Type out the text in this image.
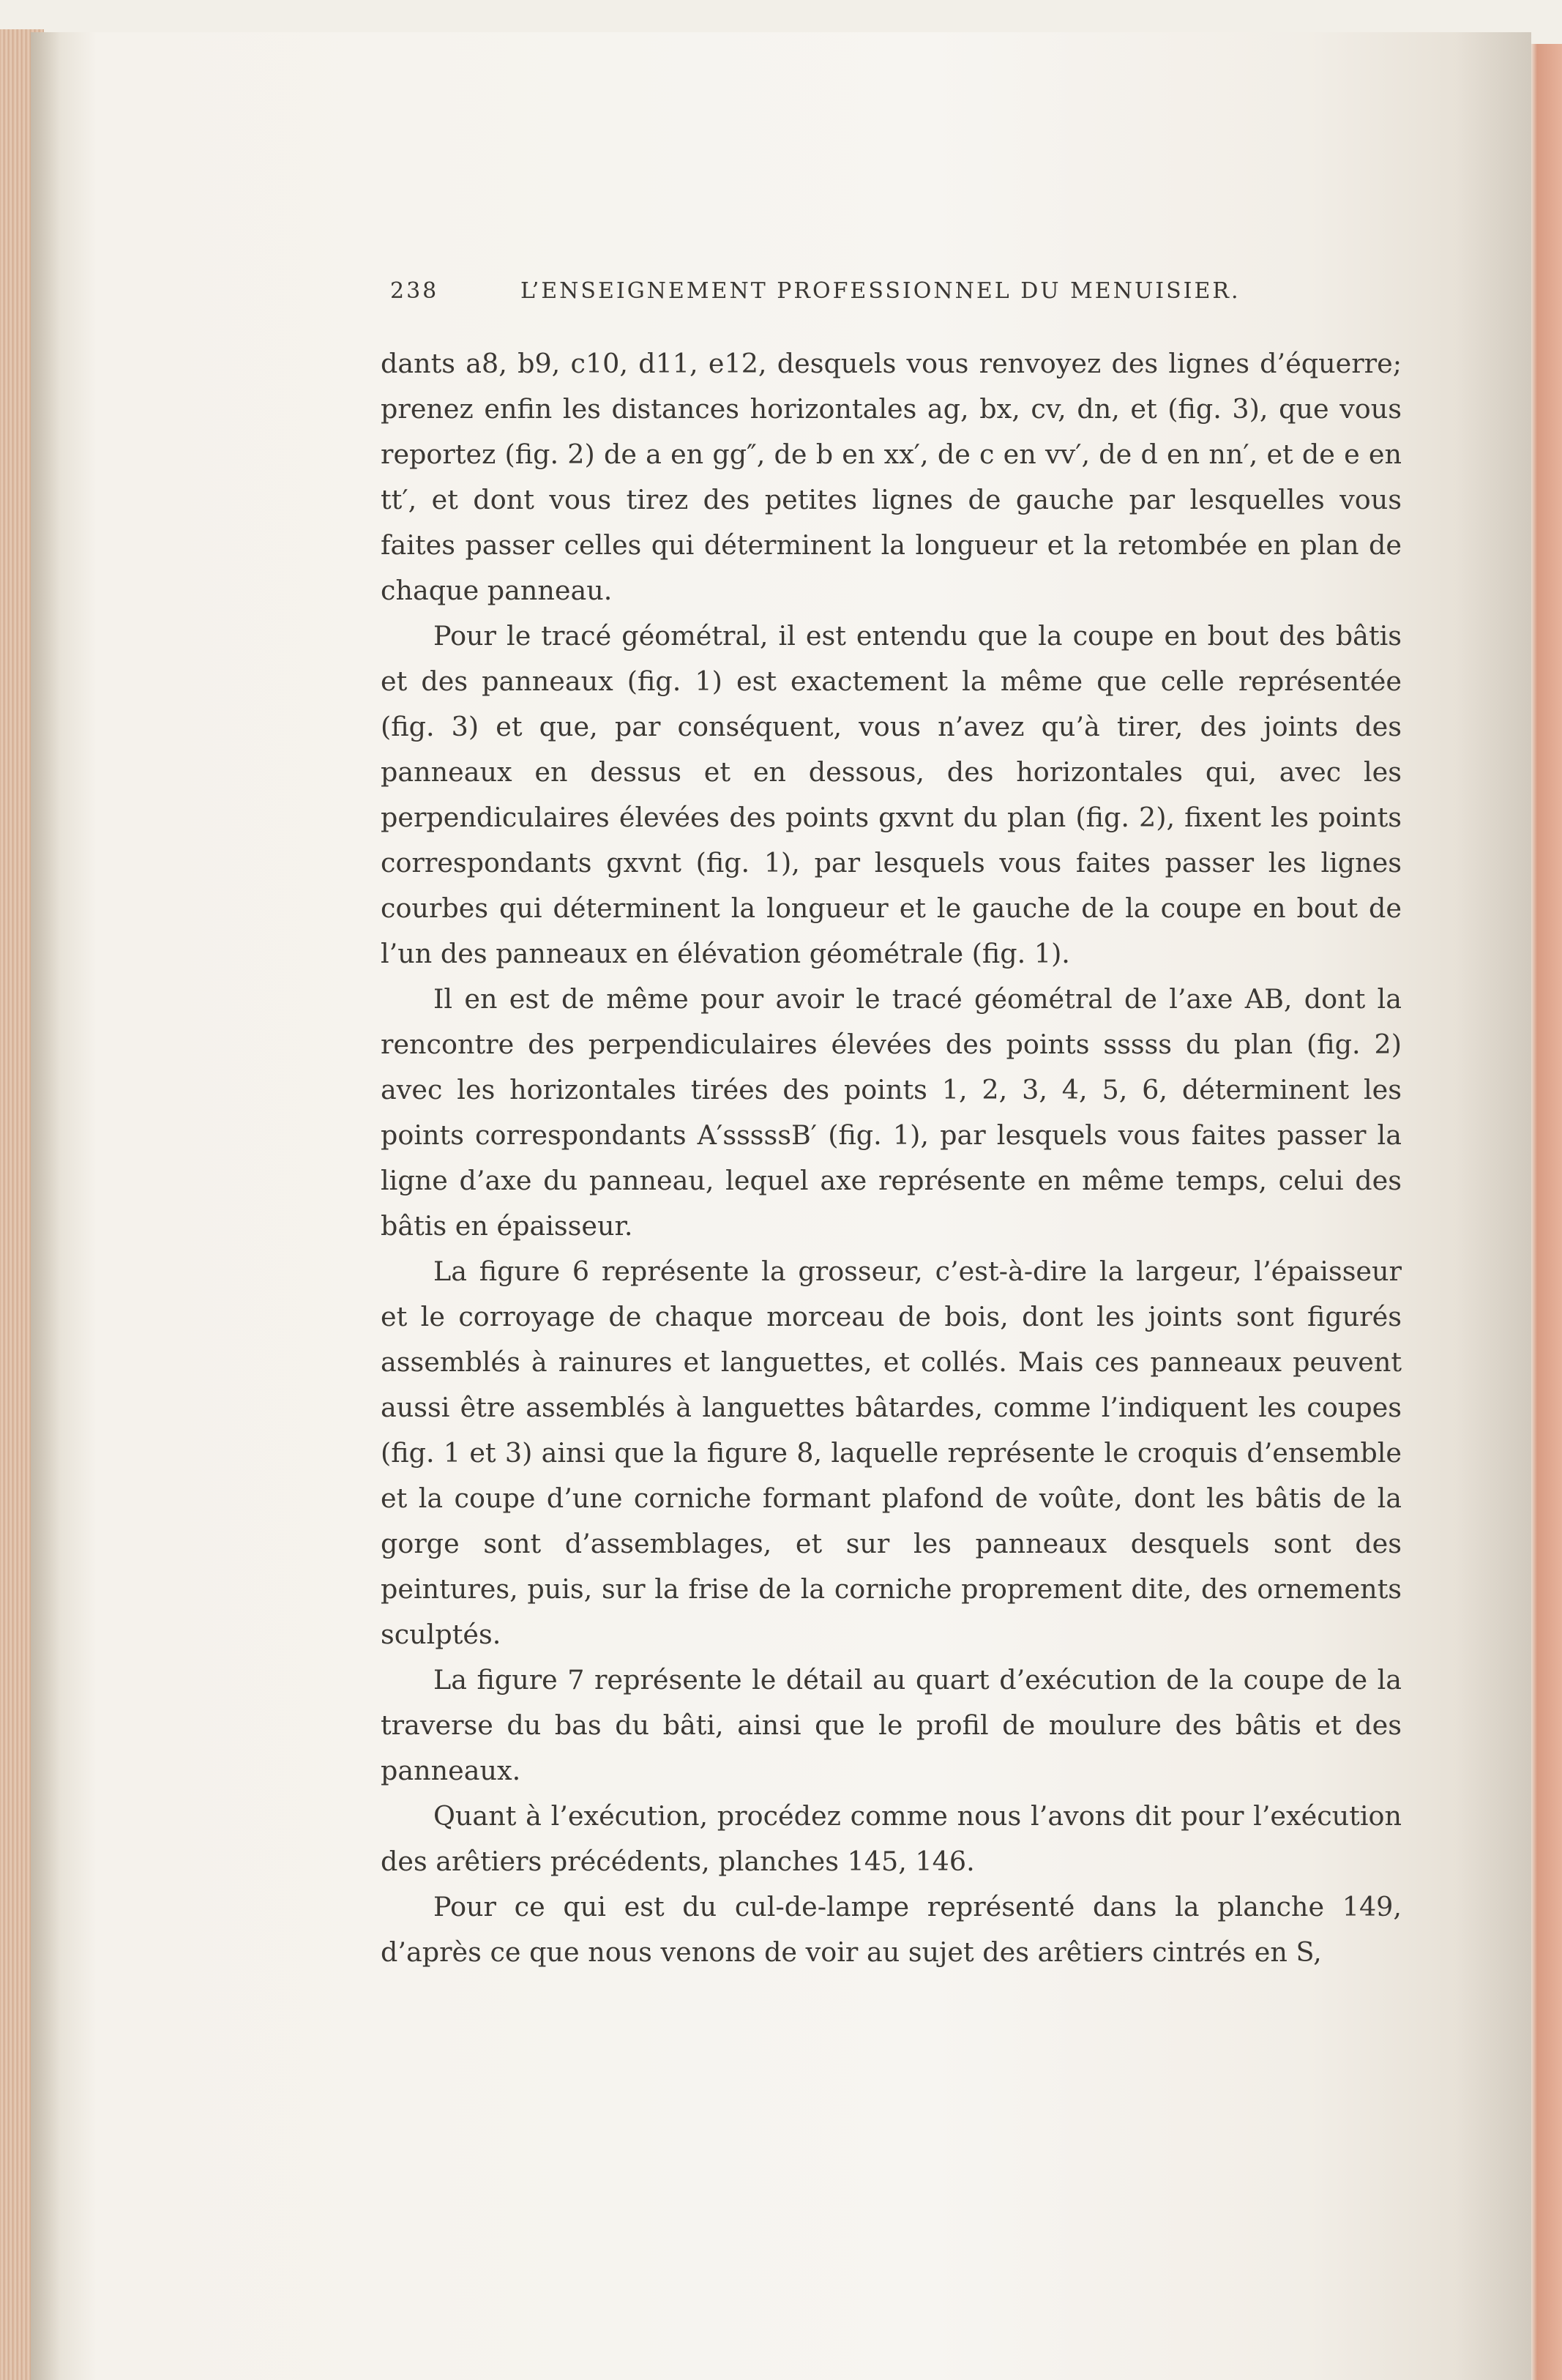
238	L’ENSEIGNEMENT PROFESSIONNEL DU MENUISIER.

dants a8, b9, c10, d11, e12, desquels vous renvoyez des lignes d’équerre; prenez enfin les distances horizontales ag, bx, cv, dn, et (fig. 3), que vous reportez (fig. 2) de a en gg″, de b en xx′, de c en vv′, de d en nn′, et de e en tt′, et dont vous tirez des petites lignes de gauche par lesquelles vous faites passer celles qui déterminent la longueur et la retombée en plan de chaque panneau.

Pour le tracé géométral, il est entendu que la coupe en bout des bâtis et des panneaux (fig. 1) est exactement la même que celle représentée (fig. 3) et que, par conséquent, vous n’avez qu’à tirer, des joints des panneaux en dessus et en dessous, des horizontales qui, avec les perpendiculaires élevées des points gxvnt du plan (fig. 2), fixent les points correspondants gxvnt (fig. 1), par lesquels vous faites passer les lignes courbes qui déterminent la longueur et le gauche de la coupe en bout de l’un des panneaux en élévation géométrale (fig. 1).

Il en est de même pour avoir le tracé géométral de l’axe AB, dont la rencontre des perpendiculaires élevées des points sssss du plan (fig. 2) avec les horizontales tirées des points 1, 2, 3, 4, 5, 6, déterminent les points correspondants A′sssssB′ (fig. 1), par lesquels vous faites passer la ligne d’axe du panneau, lequel axe représente en même temps, celui des bâtis en épaisseur.

La figure 6 représente la grosseur, c’est-à-dire la largeur, l’épaisseur et le corroyage de chaque morceau de bois, dont les joints sont figurés assemblés à rainures et languettes, et collés. Mais ces panneaux peuvent aussi être assemblés à languettes bâtardes, comme l’indiquent les coupes (fig. 1 et 3) ainsi que la figure 8, laquelle représente le croquis d’ensemble et la coupe d’une corniche formant plafond de voûte, dont les bâtis de la gorge sont d’assemblages, et sur les panneaux desquels sont des peintures, puis, sur la frise de la corniche proprement dite, des ornements sculptés.

La figure 7 représente le détail au quart d’exécution de la coupe de la traverse du bas du bâti, ainsi que le profil de moulure des bâtis et des panneaux.

Quant à l’exécution, procédez comme nous l’avons dit pour l’exécution des arêtiers précédents, planches 145, 146.

Pour ce qui est du cul-de-lampe représenté dans la planche 149, d’après ce que nous venons de voir au sujet des arêtiers cintrés en S,
